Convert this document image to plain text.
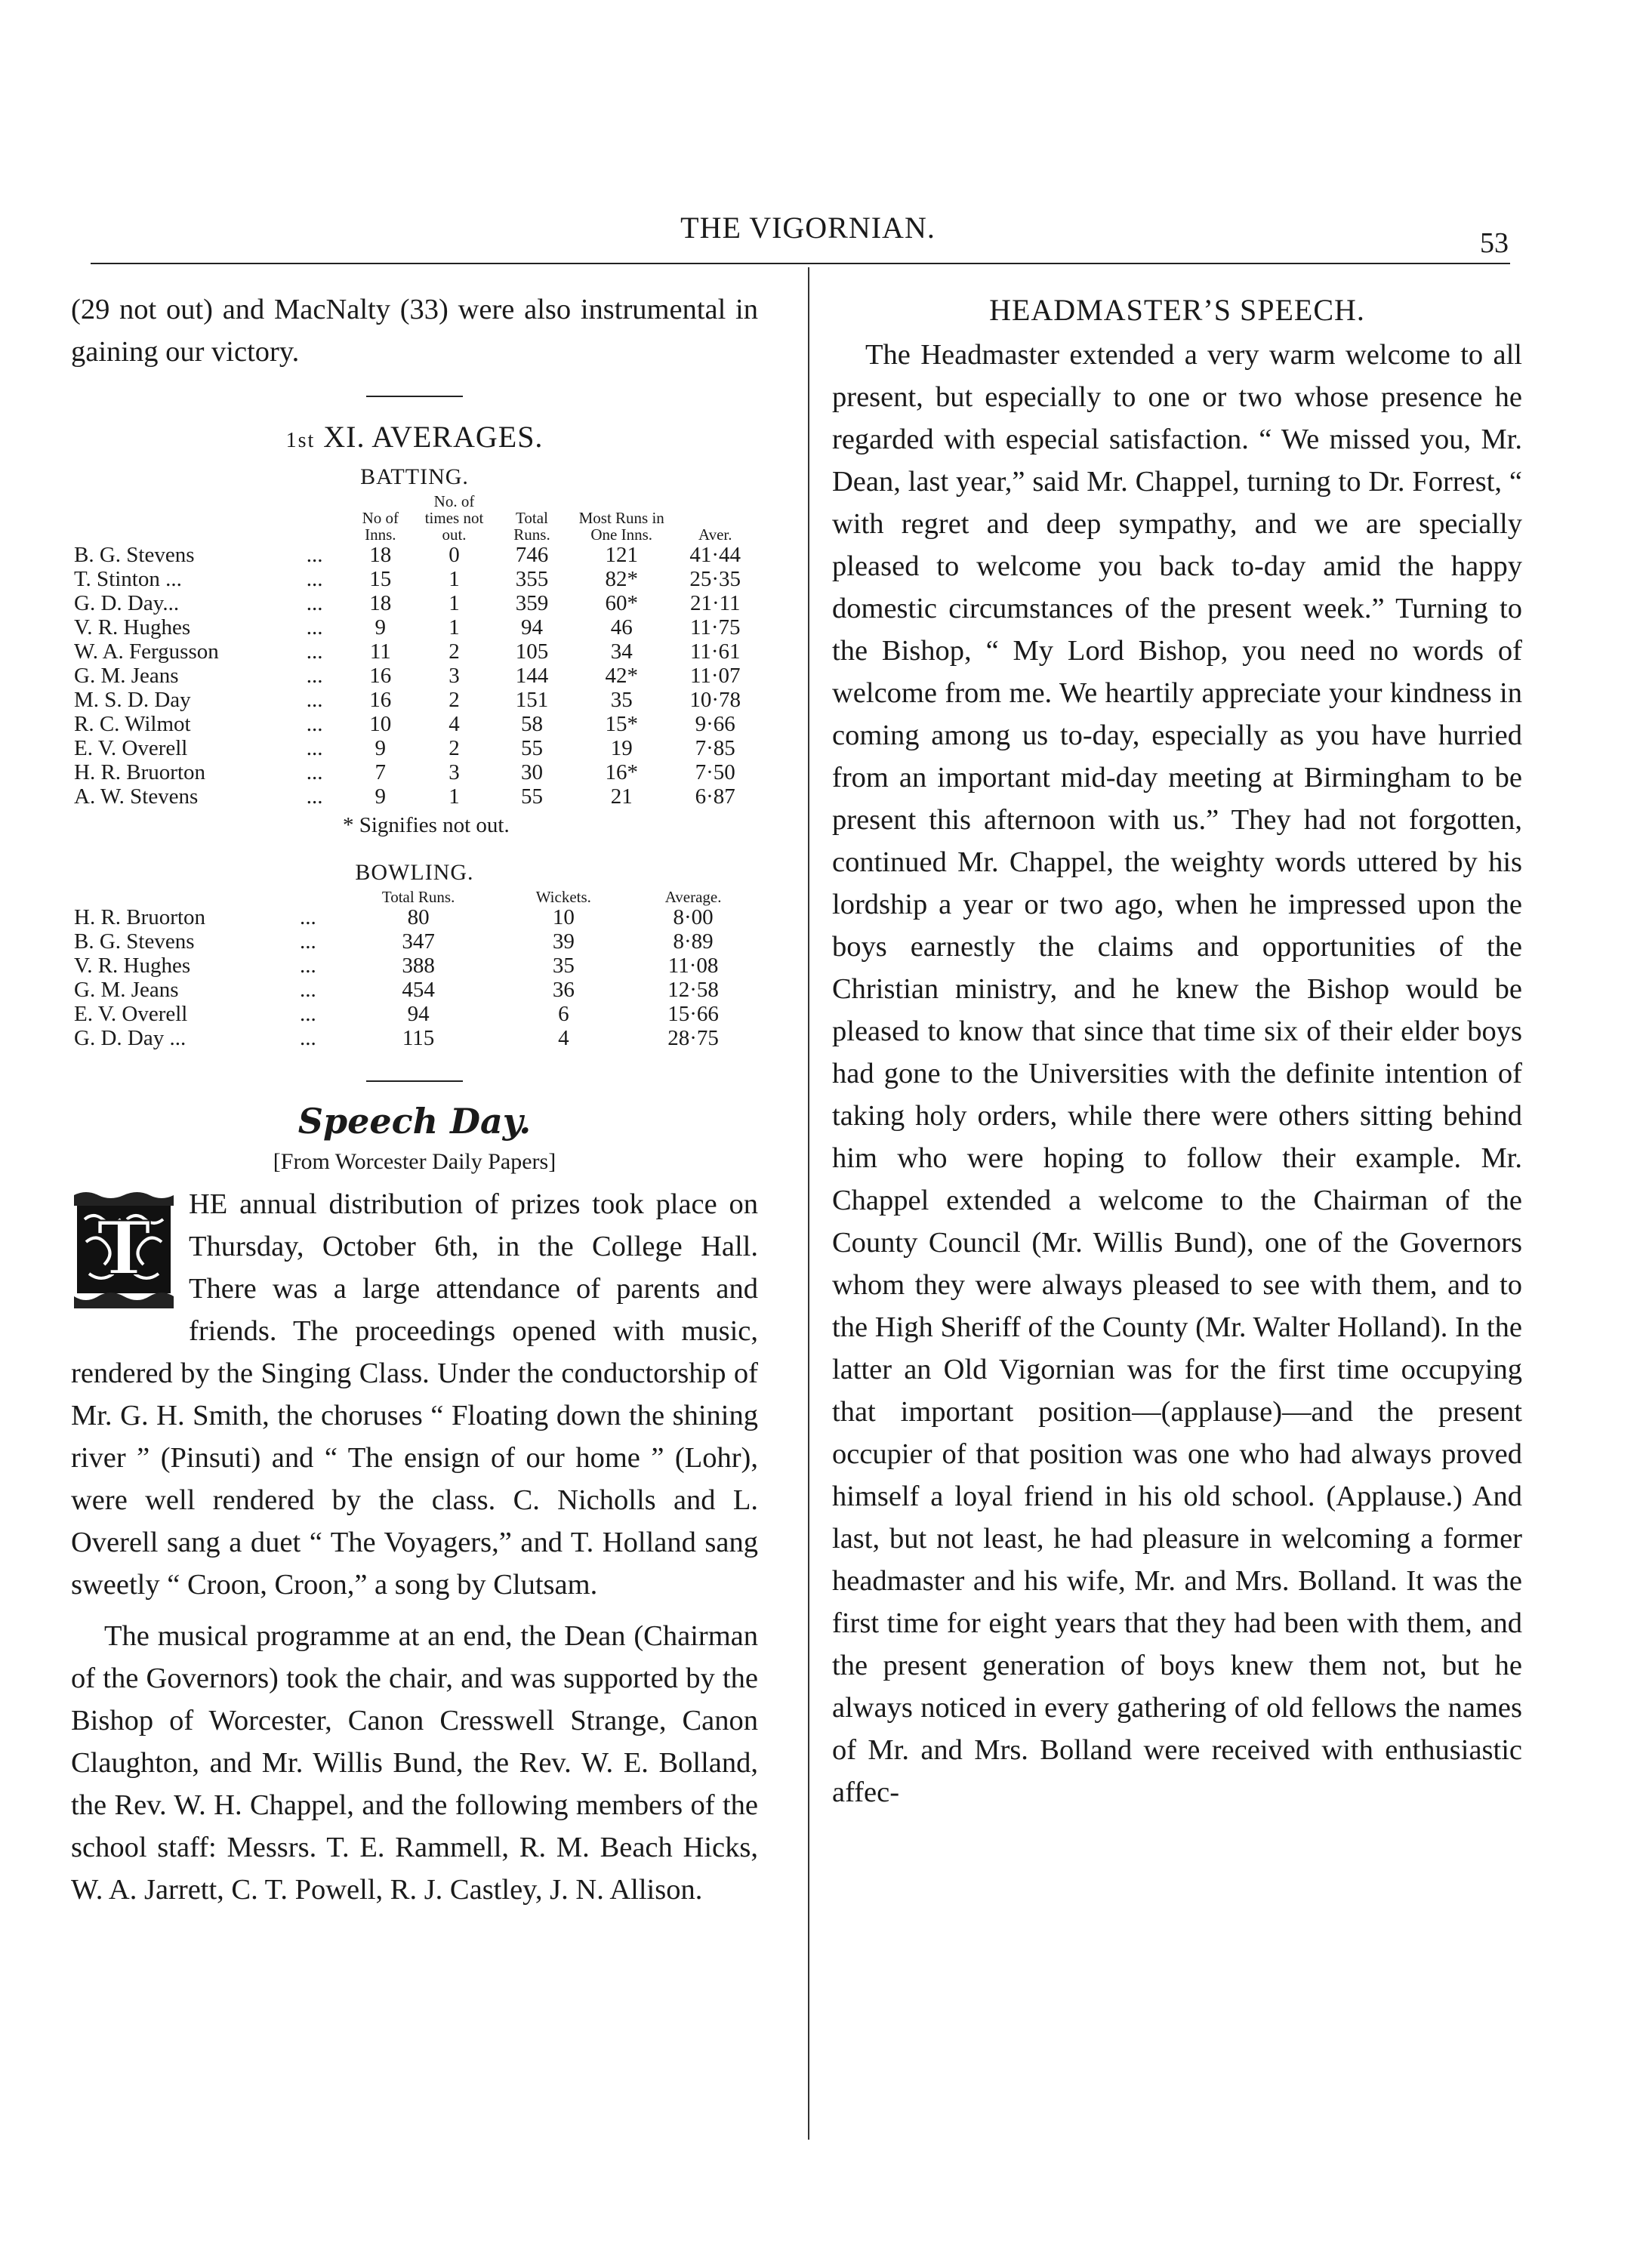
THE VIGORNIAN.	53

(29 not out) and MacNalty (33) were also instrumental in gaining our victory.

1st XI. AVERAGES.
BATTING.
		No of Inns.	No. of times not out.	Total Runs.	Most Runs in One Inns.	Aver.
B. G. Stevens	...	18	0	746	121	41·44
T. Stinton ...	...	15	1	355	82*	25·35
G. D. Day...	...	18	1	359	60*	21·11
V. R. Hughes	...	9	1	94	46	11·75
W. A. Fergusson	...	11	2	105	34	11·61
G. M. Jeans	...	16	3	144	42*	11·07
M. S. D. Day	...	16	2	151	35	10·78
R. C. Wilmot	...	10	4	58	15*	9·66
E. V. Overell	...	9	2	55	19	7·85
H. R. Bruorton	...	7	3	30	16*	7·50
A. W. Stevens	...	9	1	55	21	6·87
* Signifies not out.
BOWLING.
		Total Runs.	Wickets.	Average.
H. R. Bruorton	...	80	10	8·00
B. G. Stevens	...	347	39	8·89
V. R. Hughes	...	388	35	11·08
G. M. Jeans	...	454	36	12·58
E. V. Overell	...	94	6	15·66
G. D. Day ...	...	115	4	28·75
Speech Day.
[From Worcester Daily Papers]

T
HE annual distribution of prizes took place on Thursday, October 6th, in the College Hall. There was a large attendance of parents and friends. The proceedings opened with music, rendered by the Singing Class. Under the conductorship of Mr. G. H. Smith, the choruses “ Floating down the shining river ” (Pinsuti) and “ The ensign of our home ” (Lohr), were well rendered by the class. C. Nicholls and L. Overell sang a duet “ The Voyagers,” and T. Holland sang sweetly “ Croon, Croon,” a song by Clutsam.

The musical programme at an end, the Dean (Chairman of the Governors) took the chair, and was supported by the Bishop of Worcester, Canon Cresswell Strange, Canon Claughton, and Mr. Willis Bund, the Rev. W. E. Bolland, the Rev. W. H. Chappel, and the following members of the school staff: Messrs. T. E. Rammell, R. M. Beach Hicks, W. A. Jarrett, C. T. Powell, R. J. Castley, J. N. Allison.

HEADMASTER’S SPEECH.

The Headmaster extended a very warm welcome to all present, but especially to one or two whose presence he regarded with especial satisfaction. “ We missed you, Mr. Dean, last year,” said Mr. Chappel, turning to Dr. Forrest, “ with regret and deep sympathy, and we are specially pleased to welcome you back to-day amid the happy domestic circumstances of the present week.” Turning to the Bishop, “ My Lord Bishop, you need no words of welcome from me. We heartily appreciate your kindness in coming among us to-day, especially as you have hurried from an important mid-day meeting at Birmingham to be present this afternoon with us.” They had not forgotten, continued Mr. Chappel, the weighty words uttered by his lordship a year or two ago, when he impressed upon the boys earnestly the claims and opportunities of the Christian ministry, and he knew the Bishop would be pleased to know that since that time six of their elder boys had gone to the Universities with the definite intention of taking holy orders, while there were others sitting behind him who were hoping to follow their example. Mr. Chappel extended a welcome to the Chairman of the County Council (Mr. Willis Bund), one of the Governors whom they were always pleased to see with them, and to the High Sheriff of the County (Mr. Walter Holland). In the latter an Old Vigornian was for the first time occupying that important position—(applause)—and the present occupier of that position was one who had always proved himself a loyal friend in his old school. (Applause.) And last, but not least, he had pleasure in welcoming a former headmaster and his wife, Mr. and Mrs. Bolland. It was the first time for eight years that they had been with them, and the present generation of boys knew them not, but he always noticed in every gathering of old fellows the names of Mr. and Mrs. Bolland were received with enthusiastic affec-
